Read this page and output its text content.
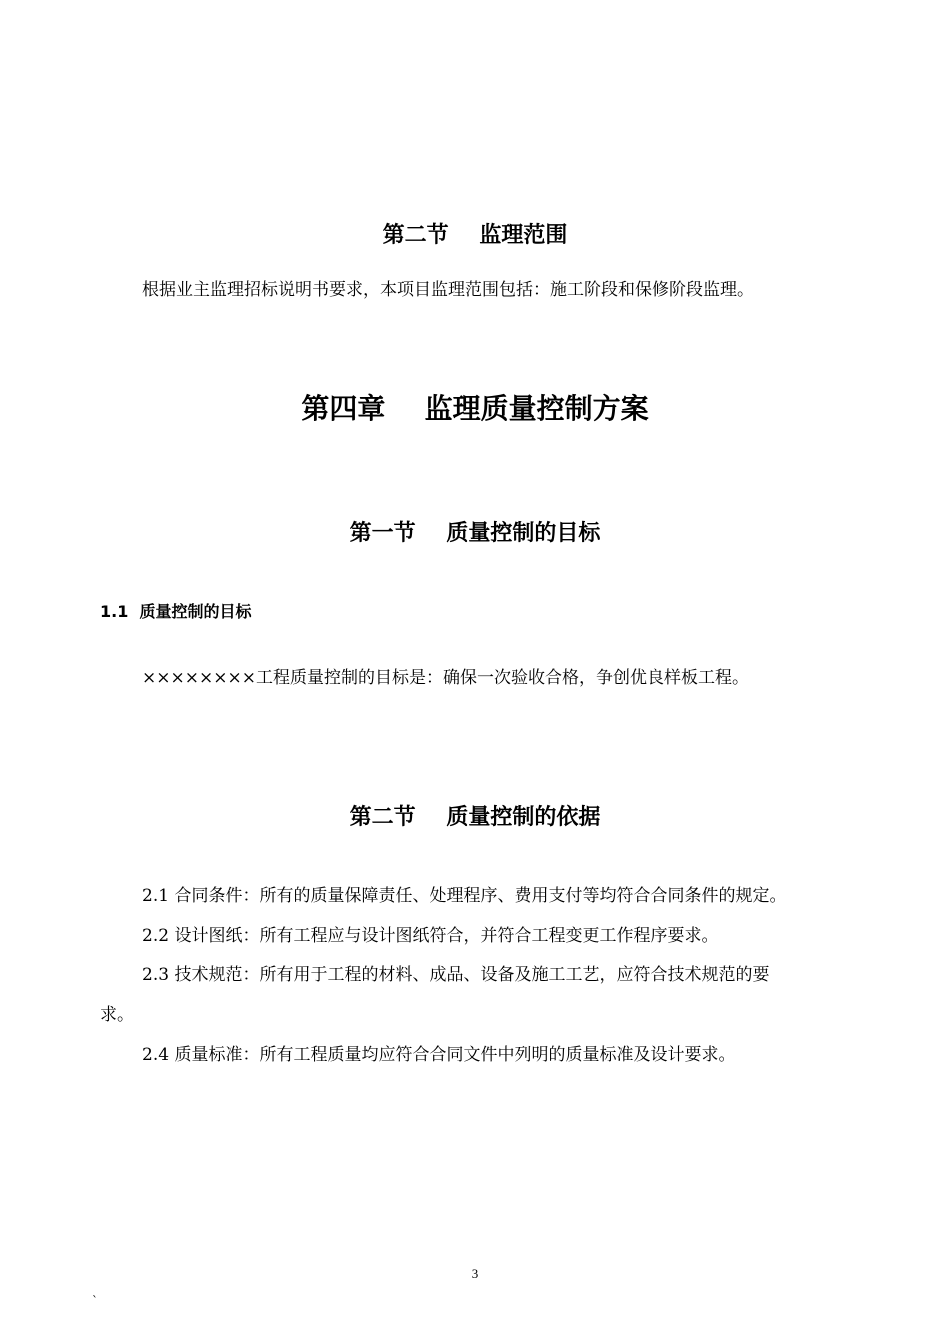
第二节 监理范围
根据业主监理招标说明书要求，本项目监理范围包括：施工阶段和保修阶段监理。
第四章 监理质量控制方案
第一节 质量控制的目标
1.1 质量控制的目标
××××××××工程质量控制的目标是：确保一次验收合格，争创优良样板工程。
第二节 质量控制的依据
2.1 合同条件：所有的质量保障责任、处理程序、费用支付等均符合合同条件的规定。
2.2 设计图纸：所有工程应与设计图纸符合，并符合工程变更工作程序要求。
2.3 技术规范：所有用于工程的材料、成品、设备及施工工艺，应符合技术规范的要
求。
2.4 质量标准：所有工程质量均应符合合同文件中列明的质量标准及设计要求。
3
`
